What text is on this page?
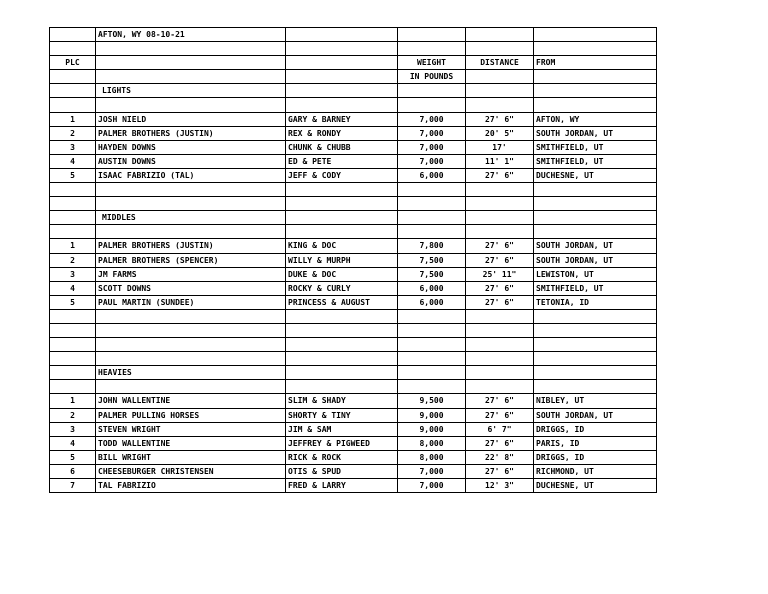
	AFTON, WY 08-10-21				

PLC			WEIGHT	DISTANCE	FROM
			IN POUNDS		
	LIGHTS				

1	JOSH NIELD	GARY & BARNEY	7,000	27' 6"	AFTON, WY
2	PALMER BROTHERS (JUSTIN)	REX & RONDY	7,000	20' 5"	SOUTH JORDAN, UT
3	HAYDEN DOWNS	CHUNK & CHUBB	7,000	17'	SMITHFIELD, UT
4	AUSTIN DOWNS	ED & PETE	7,000	11' 1"	SMITHFIELD, UT
5	ISAAC FABRIZIO (TAL)	JEFF & CODY	6,000	27' 6"	DUCHESNE, UT

	MIDDLES				

1	PALMER BROTHERS (JUSTIN)	KING & DOC	7,800	27' 6"	SOUTH JORDAN, UT
2	PALMER BROTHERS (SPENCER)	WILLY & MURPH	7,500	27' 6"	SOUTH JORDAN, UT
3	JM FARMS	DUKE & DOC	7,500	25' 11"	LEWISTON, UT
4	SCOTT DOWNS	ROCKY & CURLY	6,000	27' 6"	SMITHFIELD, UT
5	PAUL MARTIN (SUNDEE)	PRINCESS & AUGUST	6,000	27' 6"	TETONIA, ID

	HEAVIES				

1	JOHN WALLENTINE	SLIM & SHADY	9,500	27' 6"	NIBLEY, UT
2	PALMER PULLING HORSES	SHORTY & TINY	9,000	27' 6"	SOUTH JORDAN, UT
3	STEVEN WRIGHT	JIM & SAM	9,000	6' 7"	DRIGGS, ID
4	TODD WALLENTINE	JEFFREY & PIGWEED	8,000	27' 6"	PARIS, ID
5	BILL WRIGHT	RICK & ROCK	8,000	22' 8"	DRIGGS, ID
6	CHEESEBURGER CHRISTENSEN	OTIS & SPUD	7,000	27' 6"	RICHMOND, UT
7	TAL FABRIZIO	FRED & LARRY	7,000	12' 3"	DUCHESNE, UT
